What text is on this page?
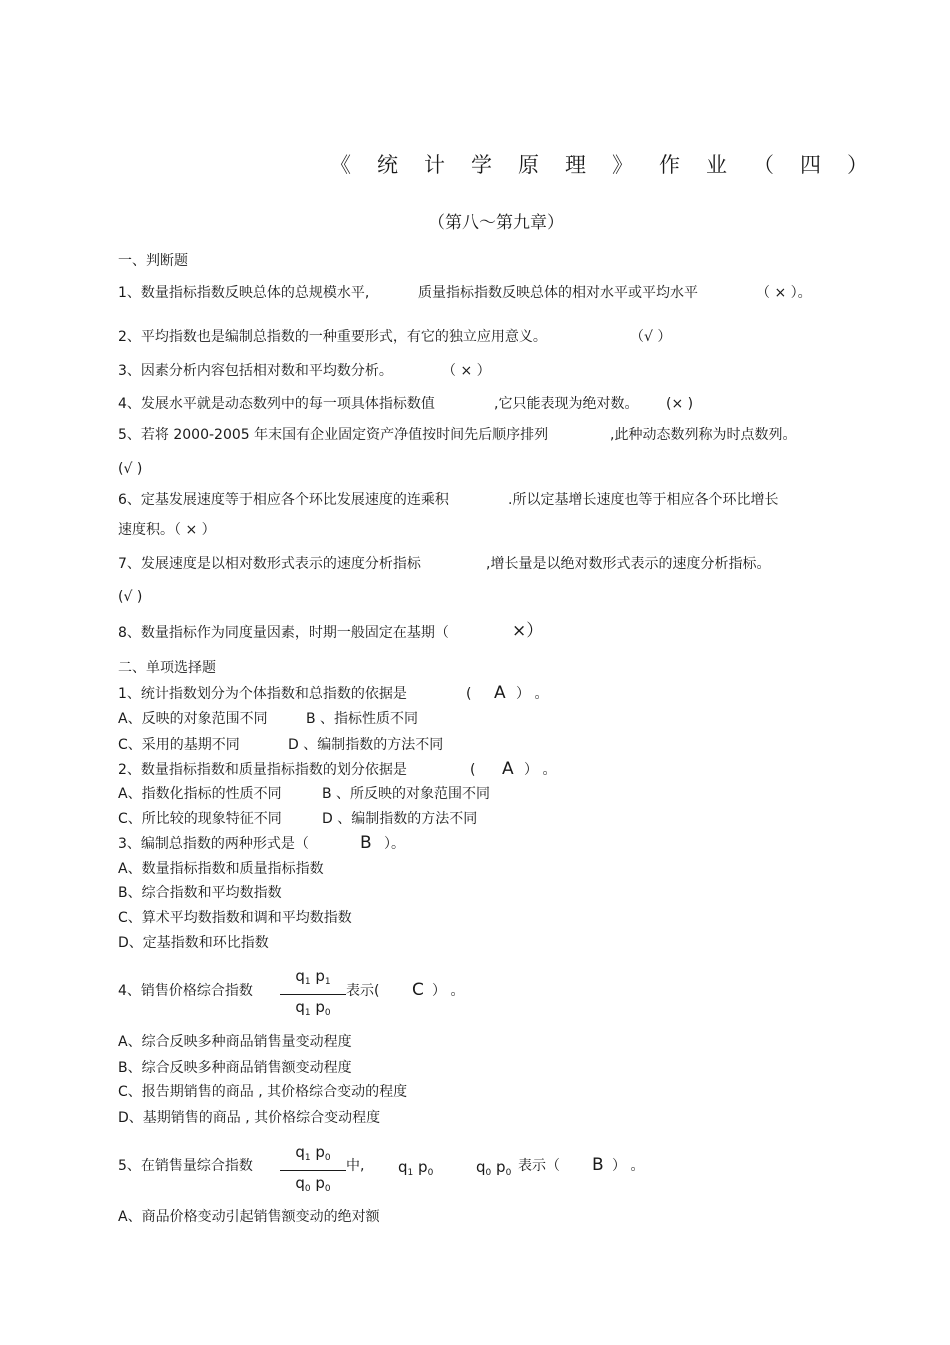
《统计学原理》作业（四）
（第八～第九章）
一、判断题
1、数量指标指数反映总体的总规模水平,	质量指标指数反映总体的相对水平或平均水平	（ × ）。
2、平均指数也是编制总指数的一种重要形式，有它的独立应用意义。	（√ ）
3、因素分析内容包括相对数和平均数分析。	（ × ）
4、发展水平就是动态数列中的每一项具体指标数值	,它只能表现为绝对数。 (× )
5、若将 2000-2005 年末国有企业固定资产净值按时间先后顺序排列	,此种动态数列称为时点数列。
(√ )
6、定基发展速度等于相应各个环比发展速度的连乘积	.所以定基增长速度也等于相应各个环比增长
速度积。（ × ）
7、发展速度是以相对数形式表示的速度分析指标	,增长量是以绝对数形式表示的速度分析指标。
(√ )
8、数量指标作为同度量因素，时期一般固定在基期（	×）
二、单项选择题
1、统计指数划分为个体指数和总指数的依据是	( A ） 。
A、反映的对象范围不同	B 、指标性质不同
C、采用的基期不同	D 、编制指数的方法不同
2、数量指标指数和质量指标指数的划分依据是	( A ） 。
A、指数化指标的性质不同	B 、所反映的对象范围不同
C、所比较的现象特征不同	D 、编制指数的方法不同
3、编制总指数的两种形式是（	B ）。
A、数量指标指数和质量指标指数
B、综合指数和平均数指数
C、算术平均数指数和调和平均数指数
D、定基指数和环比指数
4、销售价格综合指数
$q_1$ $p_1$
$q_1$ $p_0$
表示( C ） 。
A、综合反映多种商品销售量变动程度
B、综合反映多种商品销售额变动程度
C、报告期销售的商品 , 其价格综合变动的程度
D、基期销售的商品 , 其价格综合变动程度
5、在销售量综合指数
$q_1$ $p_0$
$q_0$ $p_0$
中, $q_1$ $p_0$	$q_0$ $p_0$ 表示（ B ） 。
A、商品价格变动引起销售额变动的绝对额
